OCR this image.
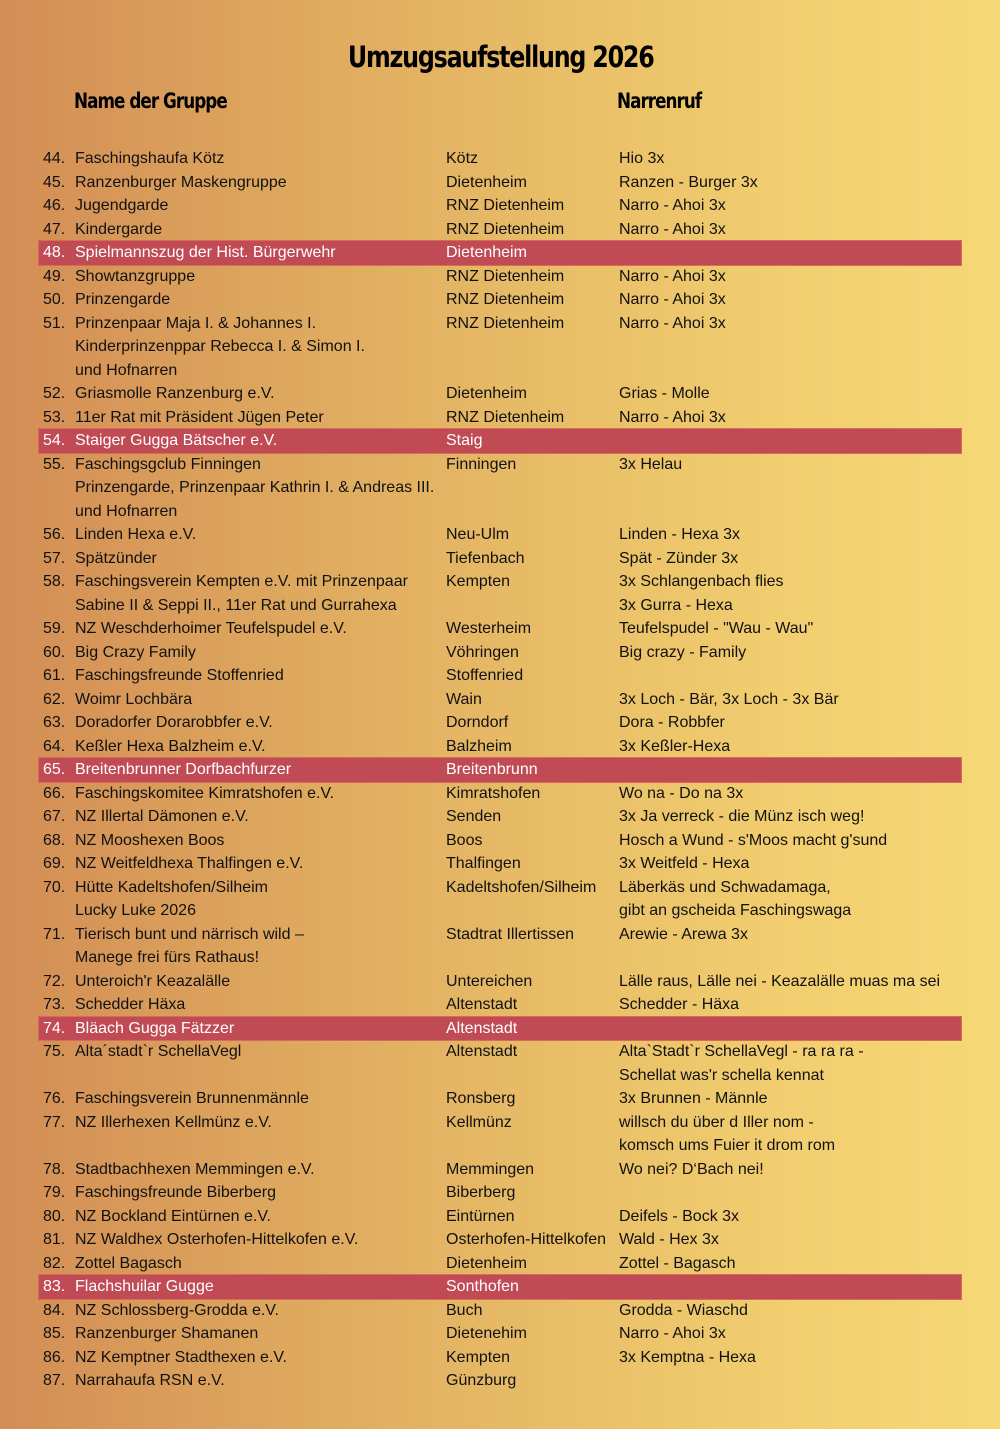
Umzugsaufstellung 2026
Name der Gruppe	Narrenruf
44. Faschingshaufa Kötz	Kötz	Hio 3x
45. Ranzenburger Maskengruppe	Dietenheim	Ranzen - Burger 3x
46. Jugendgarde	RNZ Dietenheim	Narro - Ahoi 3x
47. Kindergarde	RNZ Dietenheim	Narro - Ahoi 3x
48. Spielmannszug der Hist. Bürgerwehr	Dietenheim
49. Showtanzgruppe	RNZ Dietenheim	Narro - Ahoi 3x
50. Prinzengarde	RNZ Dietenheim	Narro - Ahoi 3x
51. Prinzenpaar Maja I. & Johannes I.
Kinderprinzenppar Rebecca I. & Simon I.
und Hofnarren
RNZ Dietenheim	Narro - Ahoi 3x
52. Griasmolle Ranzenburg e.V.	Dietenheim	Grias - Molle
53. 11er Rat mit Präsident Jügen Peter	RNZ Dietenheim	Narro - Ahoi 3x
54. Staiger Gugga Bätscher e.V.	Staig
55. Faschingsgclub Finningen
Prinzengarde, Prinzenpaar Kathrin I. & Andreas III.
und Hofnarren
Finningen	3x Helau
56. Linden Hexa e.V.	Neu-Ulm	Linden - Hexa 3x
57. Spätzünder	Tiefenbach	Spät - Zünder 3x
58. Faschingsverein Kempten e.V. mit Prinzenpaar
Sabine II & Seppi II., 11er Rat und Gurrahexa
Kempten	3x Schlangenbach flies
3x Gurra - Hexa
59. NZ Weschderhoimer Teufelspudel e.V.	Westerheim	Teufelspudel - "Wau - Wau"
60. Big Crazy Family	Vöhringen	Big crazy - Family
61. Faschingsfreunde Stoffenried	Stoffenried
62. Woimr Lochbära	Wain	3x Loch - Bär, 3x Loch - 3x Bär
63. Doradorfer Dorarobbfer e.V.	Dorndorf	Dora - Robbfer
64. Keßler Hexa Balzheim e.V.	Balzheim	3x Keßler-Hexa
65. Breitenbrunner Dorfbachfurzer	Breitenbrunn
66. Faschingskomitee Kimratshofen e.V.	Kimratshofen	Wo na - Do na 3x
67. NZ Illertal Dämonen e.V.	Senden	3x Ja verreck - die Münz isch weg!
68. NZ Mooshexen Boos	Boos	Hosch a Wund - s'Moos macht g'sund
69. NZ Weitfeldhexa Thalfingen e.V.	Thalfingen	3x Weitfeld - Hexa
70. Hütte Kadeltshofen/Silheim
Lucky Luke 2026
Kadeltshofen/Silheim	Läberkäs und Schwadamaga,
gibt an gscheida Faschingswaga
71. Tierisch bunt und närrisch wild –
Manege frei fürs Rathaus!
Stadtrat Illertissen	Arewie - Arewa 3x
72. Unteroich'r Keazalälle	Untereichen	Lälle raus, Lälle nei - Keazalälle muas ma sei
73. Schedder Häxa	Altenstadt	Schedder - Häxa
74. Bläach Gugga Fätzzer	Altenstadt
75. Alta´stadt`r SchellaVegl	Altenstadt	Alta`Stadt`r SchellaVegl - ra ra ra -
Schellat was'r schella kennat
76. Faschingsverein Brunnenmännle	Ronsberg	3x Brunnen - Männle
77. NZ Illerhexen Kellmünz e.V.	Kellmünz	willsch du über d Iller nom -
komsch ums Fuier it drom rom
78. Stadtbachhexen Memmingen e.V.	Memmingen	Wo nei? D‘Bach nei!
79. Faschingsfreunde Biberberg	Biberberg
80. NZ Bockland Eintürnen e.V.	Eintürnen	Deifels - Bock 3x
81. NZ Waldhex Osterhofen-Hittelkofen e.V.	Osterhofen-Hittelkofen Wald - Hex 3x
82. Zottel Bagasch	Dietenheim	Zottel - Bagasch
83. Flachshuilar Gugge	Sonthofen
84. NZ Schlossberg-Grodda e.V.	Buch	Grodda - Wiaschd
85. Ranzenburger Shamanen	Dietenehim	Narro - Ahoi 3x
86. NZ Kemptner Stadthexen e.V.	Kempten	3x Kemptna - Hexa
87. Narrahaufa RSN e.V.	Günzburg
